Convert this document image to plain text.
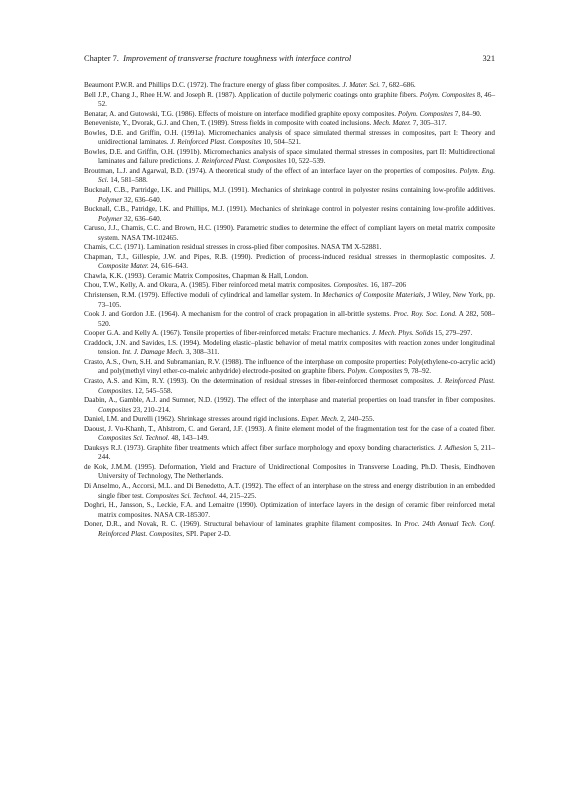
Chapter 7. Improvement of transverse fracture toughness with interface control	321

Beaumont P.W.R. and Phillips D.C. (1972). The fracture energy of glass fiber composites. J. Mater. Sci. 7, 682–686.

Bell J.P., Chang J., Rhee H.W. and Joseph R. (1987). Application of ductile polymeric coatings onto graphite fibers. Polym. Composites 8, 46–52.

Benatar, A. and Gutowski, T.G. (1986). Effects of moisture on interface modified graphite epoxy composites. Polym. Composites 7, 84–90.

Beneveniste, Y., Dvorak, G.J. and Chen, T. (1989). Stress fields in composite with coated inclusions. Mech. Mater. 7, 305–317.

Bowles, D.E. and Griffin, O.H. (1991a). Micromechanics analysis of space simulated thermal stresses in composites, part I: Theory and unidirectional laminates. J. Reinforced Plast. Composites 10, 504–521.

Bowles, D.E. and Griffin, O.H. (1991b). Micromechanics analysis of space simulated thermal stresses in composites, part II: Multidirectional laminates and failure predictions. J. Reinforced Plast. Composites 10, 522–539.

Broutman, L.J. and Agarwal, B.D. (1974). A theoretical study of the effect of an interface layer on the properties of composites. Polym. Eng. Sci. 14, 581–588.

Bucknall, C.B., Partridge, I.K. and Phillips, M.J. (1991). Mechanics of shrinkage control in polyester resins containing low-profile additives. Polymer 32, 636–640.

Bucknall, C.B., Patridge, I.K. and Phillips, M.J. (1991). Mechanics of shrinkage control in polyester resins containing low-profile additives. Polymer 32, 636–640.

Caruso, J.J., Chamis, C.C. and Brown, H.C. (1990). Parametric studies to determine the effect of compliant layers on metal matrix composite system. NASA TM-102465.

Chamis, C.C. (1971). Lamination residual stresses in cross-plied fiber composites. NASA TM X-52881.

Chapman, T.J., Gillespie, J.W. and Pipes, R.B. (1990). Prediction of process-induced residual stresses in thermoplastic composites. J. Composite Mater. 24, 616–643.

Chawla, K.K. (1993). Ceramic Matrix Composites, Chapman & Hall, London.

Chou, T.W., Kelly, A. and Okura, A. (1985). Fiber reinforced metal matrix composites. Composites. 16, 187–206

Christensen, R.M. (1979). Effective moduli of cylindrical and lamellar system. In Mechanics of Composite Materials, J Wiley, New York, pp. 73–105.

Cook J. and Gordon J.E. (1964). A mechanism for the control of crack propagation in all-brittle systems. Proc. Roy. Soc. Lond. A 282, 508–520.

Cooper G.A. and Kelly A. (1967). Tensile properties of fiber-reinforced metals: Fracture mechanics. J. Mech. Phys. Solids 15, 279–297.

Craddock, J.N. and Savides, I.S. (1994). Modeling elastic–plastic behavior of metal matrix composites with reaction zones under longitudinal tension. Int. J. Damage Mech. 3, 308–311.

Crasto, A.S., Own, S.H. and Subramanian, R.V. (1988). The influence of the interphase on composite properties: Poly(ethylene-co-acrylic acid) and poly(methyl vinyl ether-co-maleic anhydride) electrode-posited on graphite fibers. Polym. Composites 9, 78–92.

Crasto, A.S. and Kim, R.Y. (1993). On the determination of residual stresses in fiber-reinforced thermoset composites. J. Reinforced Plast. Composites. 12, 545–558.

Daabin, A., Gamble, A.J. and Sumner, N.D. (1992). The effect of the interphase and material properties on load transfer in fiber composites. Composites 23, 210–214.

Daniel, I.M. and Durelli (1962). Shrinkage stresses around rigid inclusions. Exper. Mech. 2, 240–255.

Daoust, J. Vu-Khanh, T., Ahlstrom, C. and Gerard, J.F. (1993). A finite element model of the fragmentation test for the case of a coated fiber. Composites Sci. Technol. 48, 143–149.

Dauksys R.J. (1973). Graphite fiber treatments which affect fiber surface morphology and epoxy bonding characteristics. J. Adhesion 5, 211–244.

de Kok, J.M.M. (1995). Deformation, Yield and Fracture of Unidirectional Composites in Transverse Loading, Ph.D. Thesis, Eindhoven University of Technology, The Netherlands.

Di Anselmo, A., Accorsi, M.L. and Di Benedetto, A.T. (1992). The effect of an interphase on the stress and energy distribution in an embedded single fiber test. Composites Sci. Technol. 44, 215–225.

Doghri, H., Jansson, S., Leckie, F.A. and Lemaitre (1990). Optimization of interface layers in the design of ceramic fiber reinforced metal matrix composites. NASA CR-185307.

Doner, D.R., and Novak, R. C. (1969). Structural behaviour of laminates graphite filament composites. In Proc. 24th Annual Tech. Conf. Reinforced Plast. Composites, SPI. Paper 2-D.
